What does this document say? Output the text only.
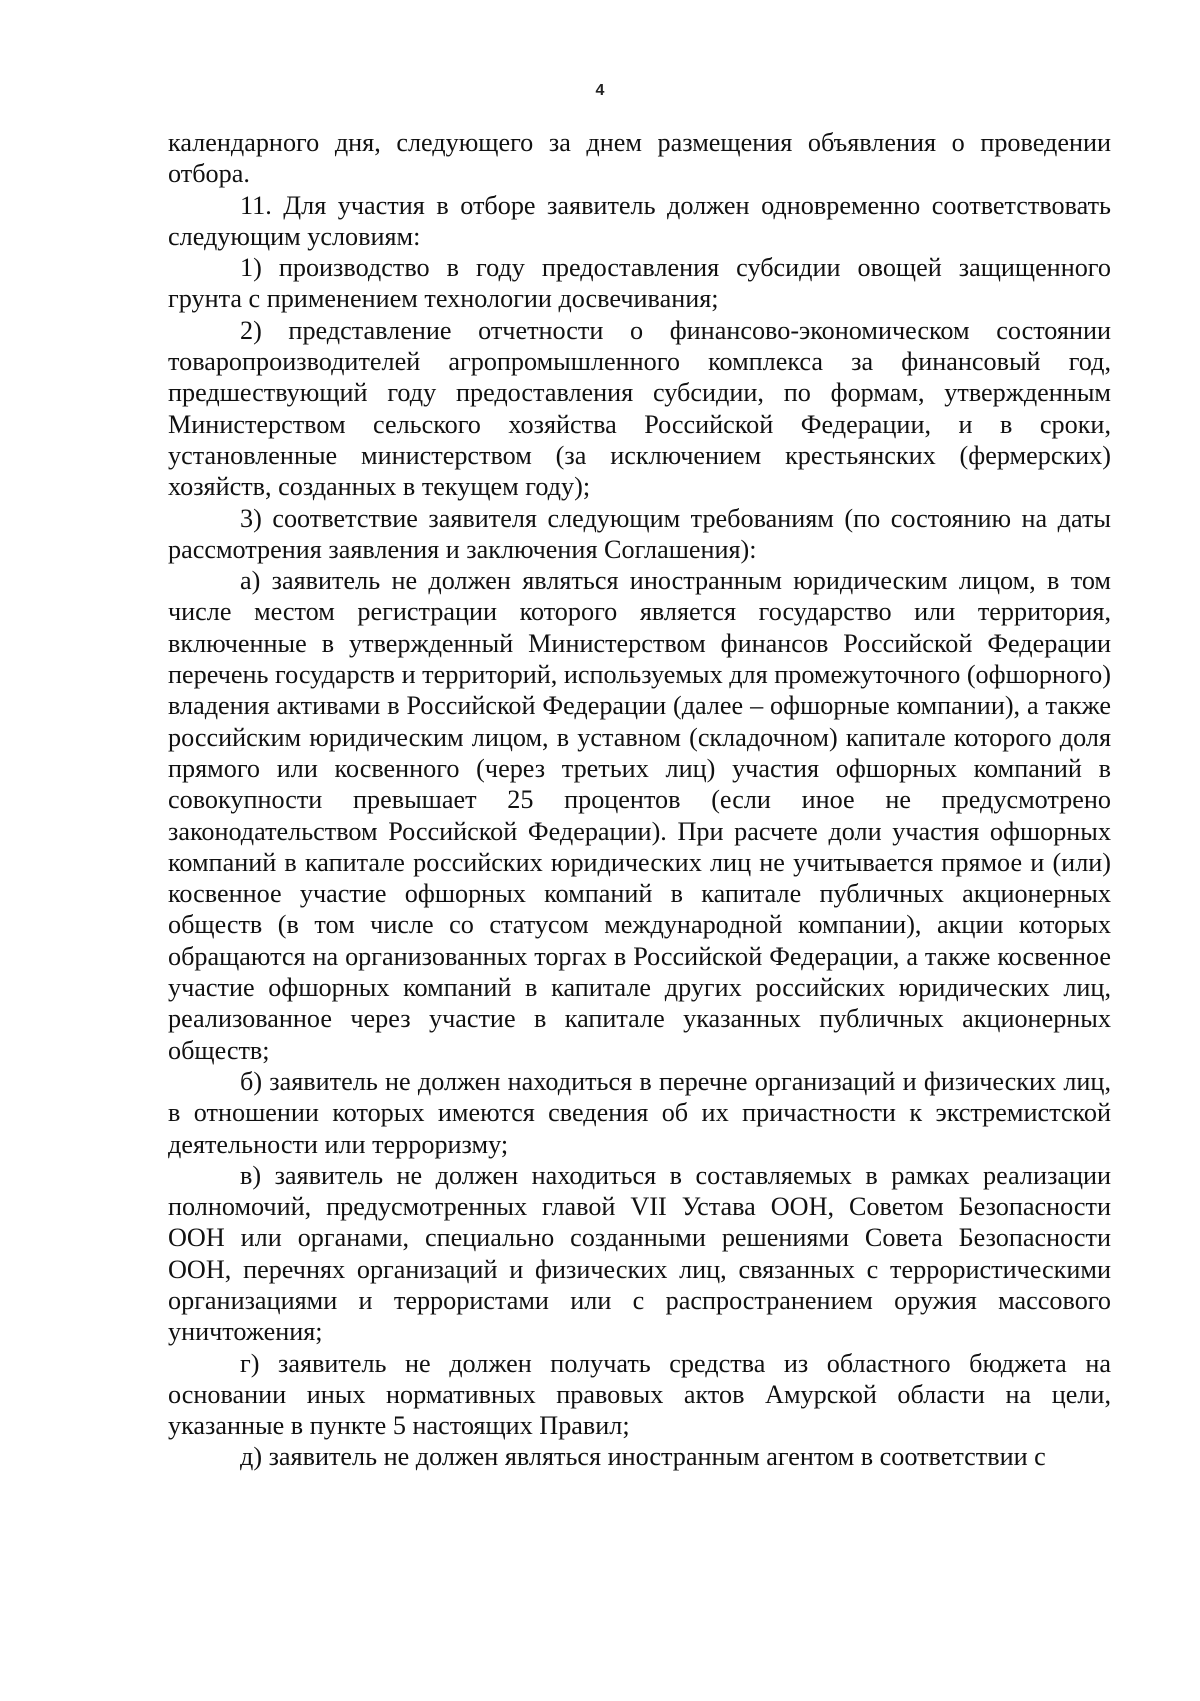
4

календарного дня, следующего за днем размещения объявления о проведении отбора.

11. Для участия в отборе заявитель должен одновременно соответствовать следующим условиям:

1) производство в году предоставления субсидии овощей защищенного грунта с применением технологии досвечивания;

2) представление отчетности о финансово-экономическом состоянии товаропроизводителей агропромышленного комплекса за финансовый год, предшествующий году предоставления субсидии, по формам, утвержденным Министерством сельского хозяйства Российской Федерации, и в сроки, установленные министерством (за исключением крестьянских (фермерских) хозяйств, созданных в текущем году);

3) соответствие заявителя следующим требованиям (по состоянию на даты рассмотрения заявления и заключения Соглашения):

а) заявитель не должен являться иностранным юридическим лицом, в том числе местом регистрации которого является государство или территория, включенные в утвержденный Министерством финансов Российской Федерации перечень государств и территорий, используемых для промежуточного (офшорного) владения активами в Российской Федерации (далее – офшорные компании), а также российским юридическим лицом, в уставном (складочном) капитале которого доля прямого или косвенного (через третьих лиц) участия офшорных компаний в совокупности превышает 25 процентов (если иное не предусмотрено законодательством Российской Федерации). При расчете доли участия офшорных компаний в капитале российских юридических лиц не учитывается прямое и (или) косвенное участие офшорных компаний в капитале публичных акционерных обществ (в том числе со статусом международной компании), акции которых обращаются на организованных торгах в Российской Федерации, а также косвенное участие офшорных компаний в капитале других российских юридических лиц, реализованное через участие в капитале указанных публичных акционерных обществ;

б) заявитель не должен находиться в перечне организаций и физических лиц, в отношении которых имеются сведения об их причастности к экстремистской деятельности или терроризму;

в) заявитель не должен находиться в составляемых в рамках реализации полномочий, предусмотренных главой VII Устава ООН, Советом Безопасности ООН или органами, специально созданными решениями Совета Безопасности ООН, перечнях организаций и физических лиц, связанных с террористическими организациями и террористами или с распространением оружия массового уничтожения;

г) заявитель не должен получать средства из областного бюджета на основании иных нормативных правовых актов Амурской области на цели, указанные в пункте 5 настоящих Правил;

д) заявитель не должен являться иностранным агентом в соответствии с
